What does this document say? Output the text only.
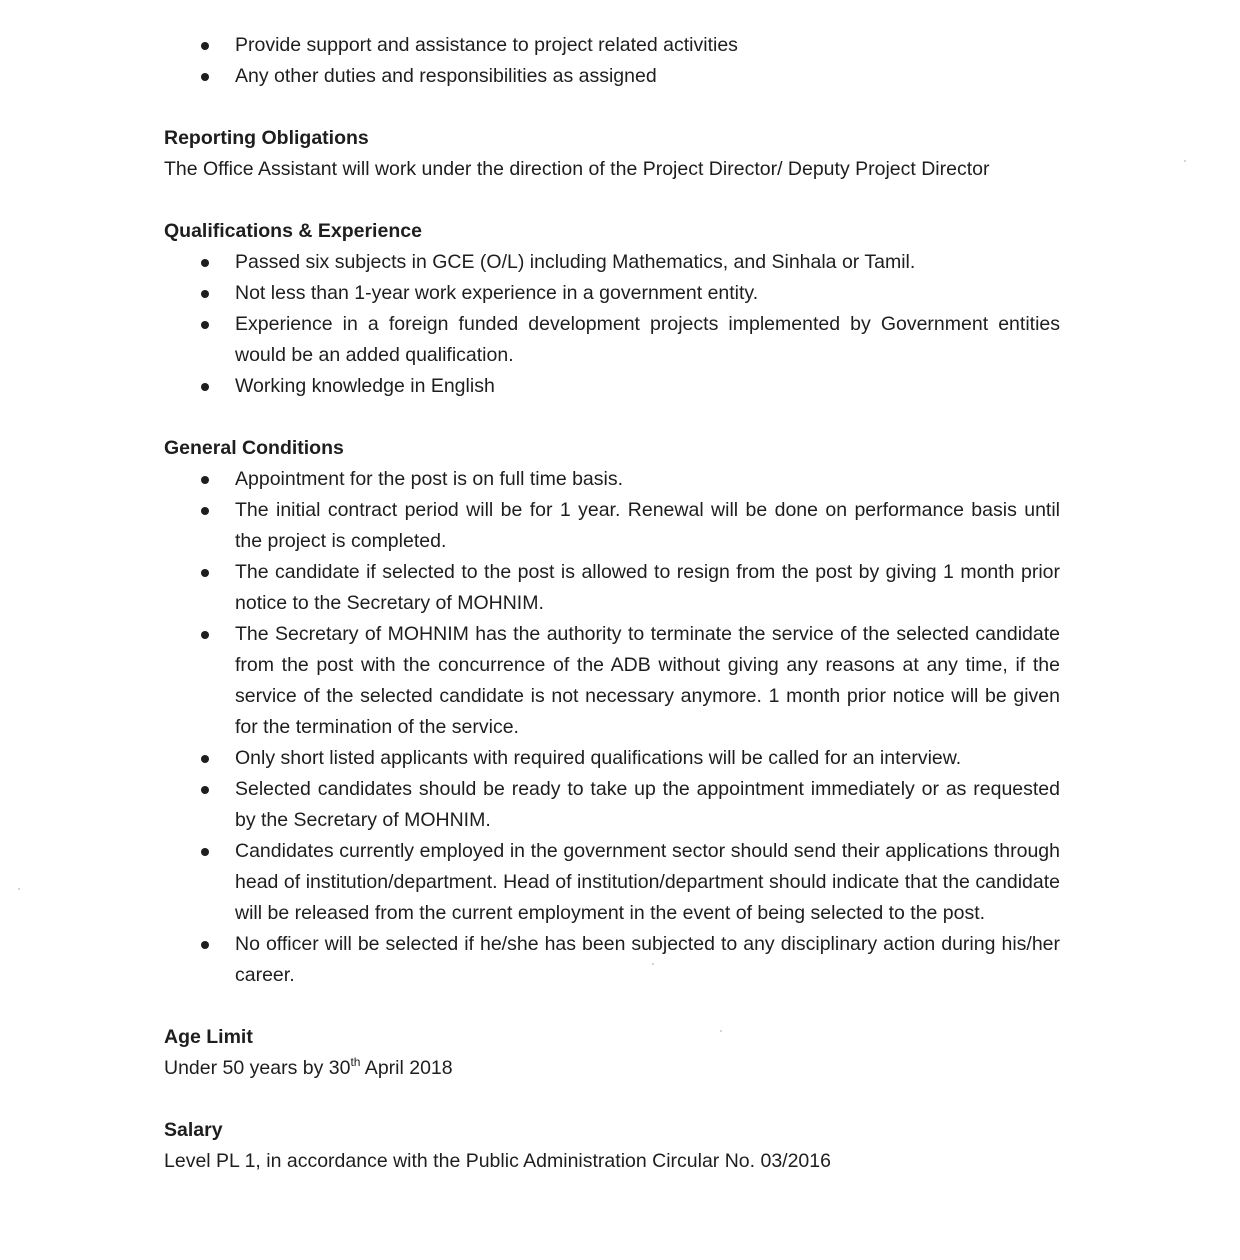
Provide support and assistance to project related activities
Any other duties and responsibilities as assigned

Reporting Obligations

The Office Assistant will work under the direction of the Project Director/ Deputy Project Director

Qualifications & Experience

Passed six subjects in GCE (O/L) including Mathematics, and Sinhala or Tamil.
Not less than 1-year work experience in a government entity.
Experience in a foreign funded development projects implemented by Government entities would be an added qualification.
Working knowledge in English

General Conditions

Appointment for the post is on full time basis.
The initial contract period will be for 1 year. Renewal will be done on performance basis until the project is completed.
The candidate if selected to the post is allowed to resign from the post by giving 1 month prior notice to the Secretary of MOHNIM.
The Secretary of MOHNIM has the authority to terminate the service of the selected candidate from the post with the concurrence of the ADB without giving any reasons at any time, if the service of the selected candidate is not necessary anymore. 1 month prior notice will be given for the termination of the service.
Only short listed applicants with required qualifications will be called for an interview.
Selected candidates should be ready to take up the appointment immediately or as requested by the Secretary of MOHNIM.
Candidates currently employed in the government sector should send their applications through head of institution/department. Head of institution/department should indicate that the candidate will be released from the current employment in the event of being selected to the post.
No officer will be selected if he/she has been subjected to any disciplinary action during his/her career.

Age Limit

Under 50 years by 30th April 2018

Salary

Level PL 1, in accordance with the Public Administration Circular No. 03/2016
